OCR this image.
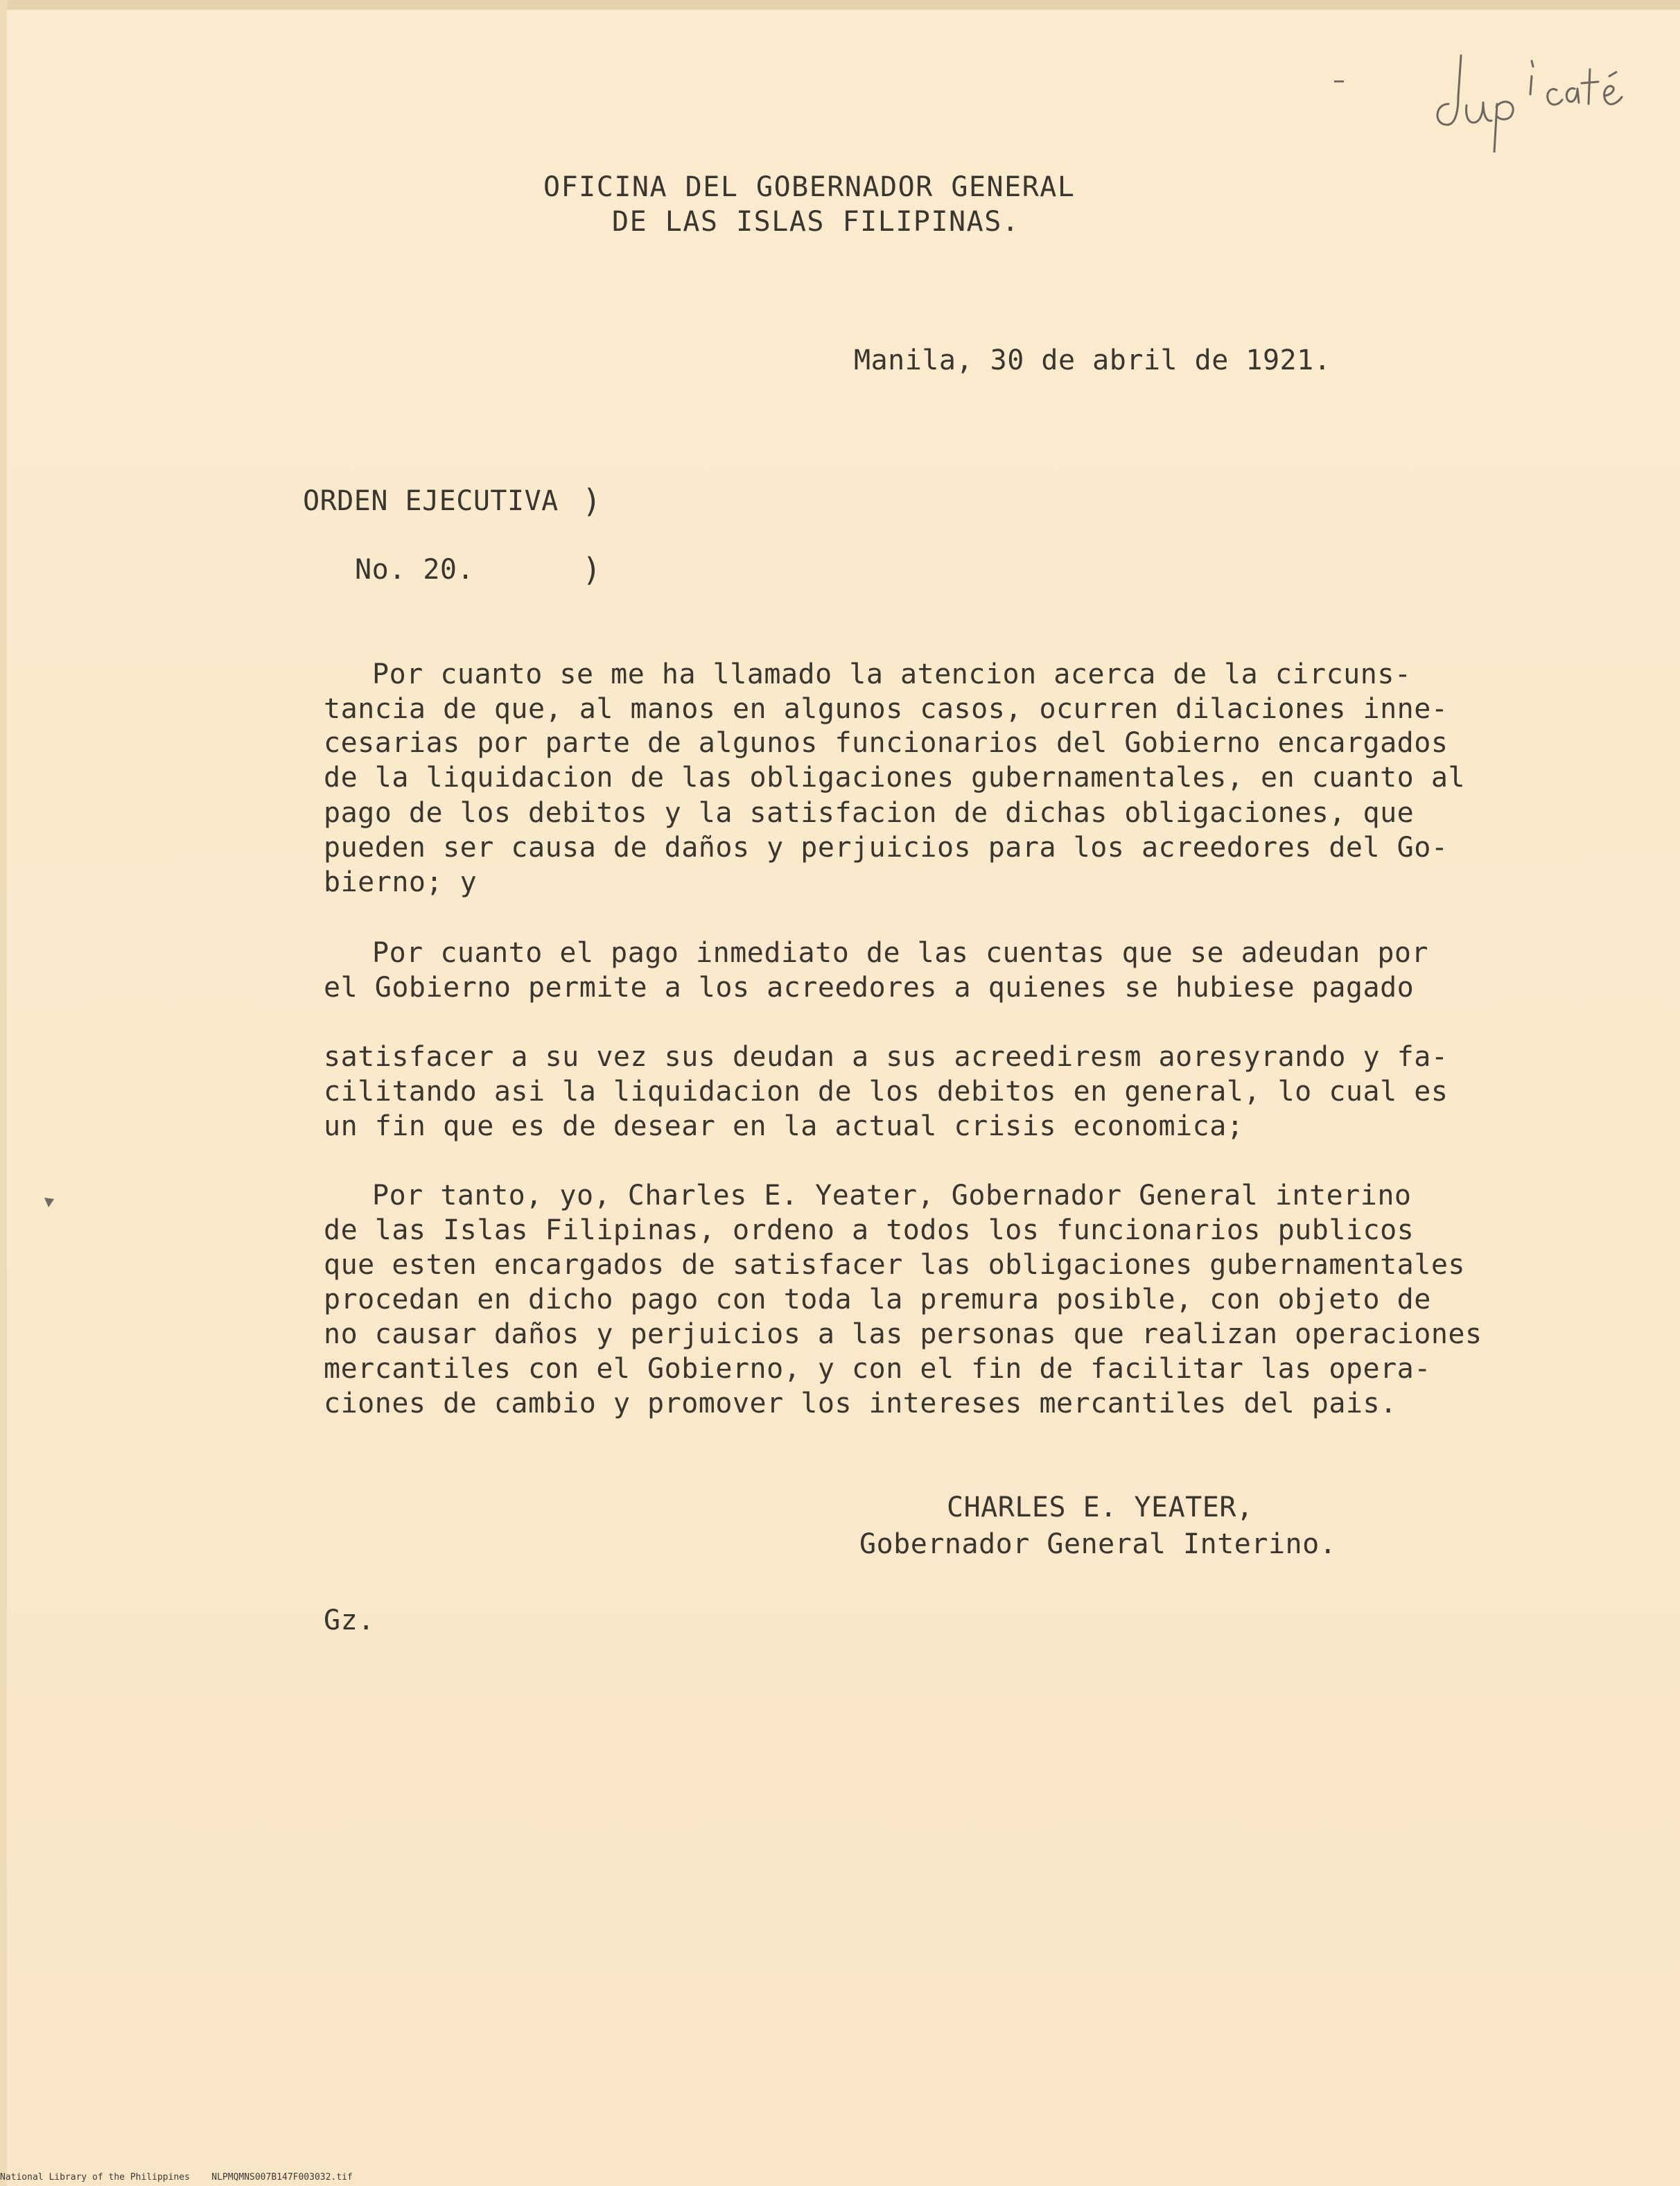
OFICINA DEL GOBERNADOR GENERAL
DE LAS ISLAS FILIPINAS.
Manila, 30 de abril de 1921.
ORDEN EJECUTIVA )
No. 20.	)
Por cuanto se me ha llamado la atencion acerca de la circuns-
tancia de que, al manos en algunos casos, ocurren dilaciones inne-
cesarias por parte de algunos funcionarios del Gobierno encargados
de la liquidacion de las obligaciones gubernamentales, en cuanto al
pago de los debitos y la satisfacion de dichas obligaciones, que
pueden ser causa de daños y perjuicios para los acreedores del Go-
bierno; y
Por cuanto el pago inmediato de las cuentas que se adeudan por
el Gobierno permite a los acreedores a quienes se hubiese pagado
satisfacer a su vez sus deudan a sus acreediresm aoresyrando y fa-
cilitando asi la liquidacion de los debitos en general, lo cual es
un fin que es de desear en la actual crisis economica;
Por tanto, yo, Charles E. Yeater, Gobernador General interino
de las Islas Filipinas, ordeno a todos los funcionarios publicos
que esten encargados de satisfacer las obligaciones gubernamentales
procedan en dicho pago con toda la premura posible, con objeto de
no causar daños y perjuicios a las personas que realizan operaciones
mercantiles con el Gobierno, y con el fin de facilitar las opera-
ciones de cambio y promover los intereses mercantiles del pais.
CHARLES E. YEATER,
Gobernador General Interino.
Gz.
National Library of the Philippines    NLPMQMNS007B147F003032.tif
